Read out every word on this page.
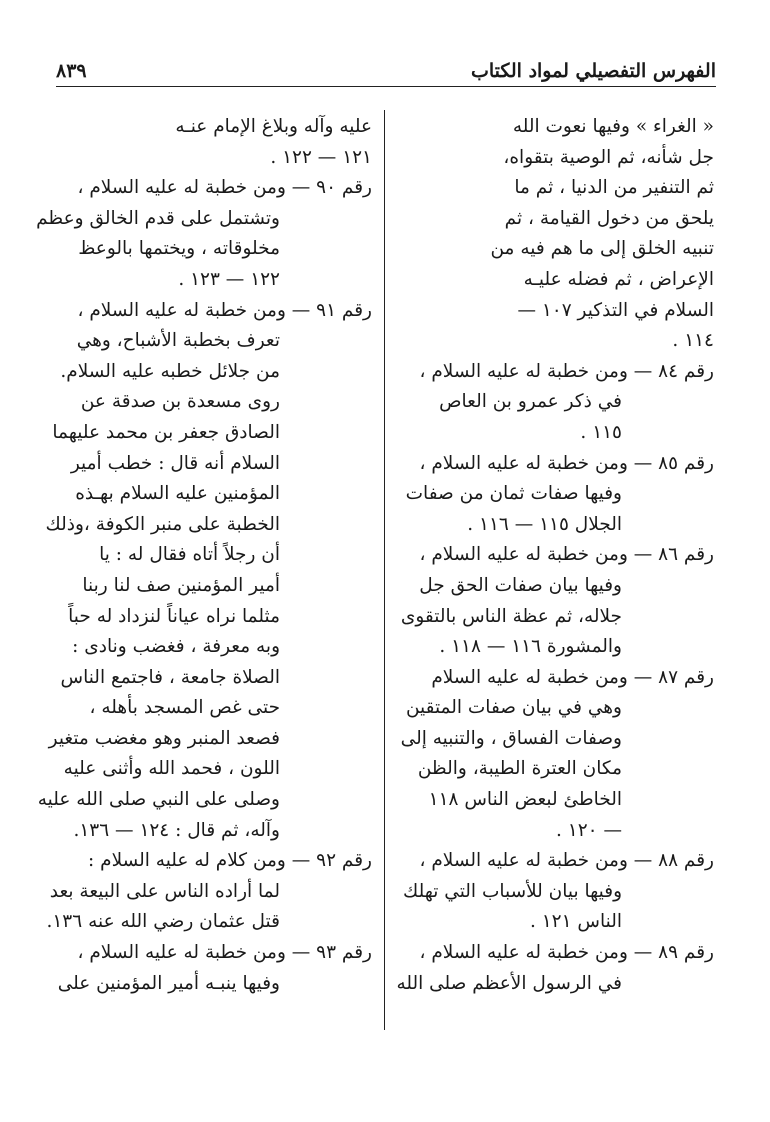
الفهرس التفصيلي لمواد الكتاب
٨٣٩
« الغراء » وفيها نعوت الله
جل شأنه، ثم الوصية بتقواه،
ثم التنفير من الدنيا ، ثم ما
يلحق من دخول القيامة ، ثم
تنبيه الخلق إلى ما هم فيه من
الإعراض ، ثم فضله عليـه
السلام في التذكير ١٠٧ —
١١٤ .
رقم ٨٤ — ومن خطبة له عليه السلام ،
في ذكر عمرو بن العاص
١١٥ .
رقم ٨٥ — ومن خطبة له عليه السلام ،
وفيها صفات ثمان من صفات
الجلال ١١٥ — ١١٦ .
رقم ٨٦ — ومن خطبة له عليه السلام ،
وفيها بيان صفات الحق جل
جلاله، ثم عظة الناس بالتقوى
والمشورة ١١٦ — ١١٨ .
رقم ٨٧ — ومن خطبة له عليه السلام
وهي في بيان صفات المتقين
وصفات الفساق ، والتنبيه إلى
مكان العترة الطيبة، والظن
الخاطئ لبعض الناس ١١٨
— ١٢٠ .
رقم ٨٨ — ومن خطبة له عليه السلام ،
وفيها بيان للأسباب التي تهلك
الناس ١٢١ .
رقم ٨٩ — ومن خطبة له عليه السلام ،
في الرسول الأعظم صلى الله
عليه وآله وبلاغ الإمام عنـه
١٢١ — ١٢٢ .
رقم ٩٠ — ومن خطبة له عليه السلام ،
وتشتمل على قدم الخالق وعظم
مخلوقاته ، ويختمها بالوعظ
١٢٢ — ١٢٣ .
رقم ٩١ — ومن خطبة له عليه السلام ،
تعرف بخطبة الأشباح، وهي
من جلائل خطبه عليه السلام.
روى مسعدة بن صدقة عن
الصادق جعفر بن محمد عليهما
السلام أنه قال : خطب أمير
المؤمنين عليه السلام بهـذه
الخطبة على منبر الكوفة ،وذلك
أن رجلاً أتاه فقال له : يا
أمير المؤمنين صف لنا ربنا
مثلما نراه عياناً لنزداد له حباً
وبه معرفة ، فغضب ونادى :
الصلاة جامعة ، فاجتمع الناس
حتى غص المسجد بأهله ،
فصعد المنبر وهو مغضب متغير
اللون ، فحمد الله وأثنى عليه
وصلى على النبي صلى الله عليه
وآله، ثم قال : ١٢٤ — ١٣٦.
رقم ٩٢ — ومن كلام له عليه السلام :
لما أراده الناس على البيعة بعد
قتل عثمان رضي الله عنه ١٣٦.
رقم ٩٣ — ومن خطبة له عليه السلام ،
وفيها ينبـه أمير المؤمنين على
